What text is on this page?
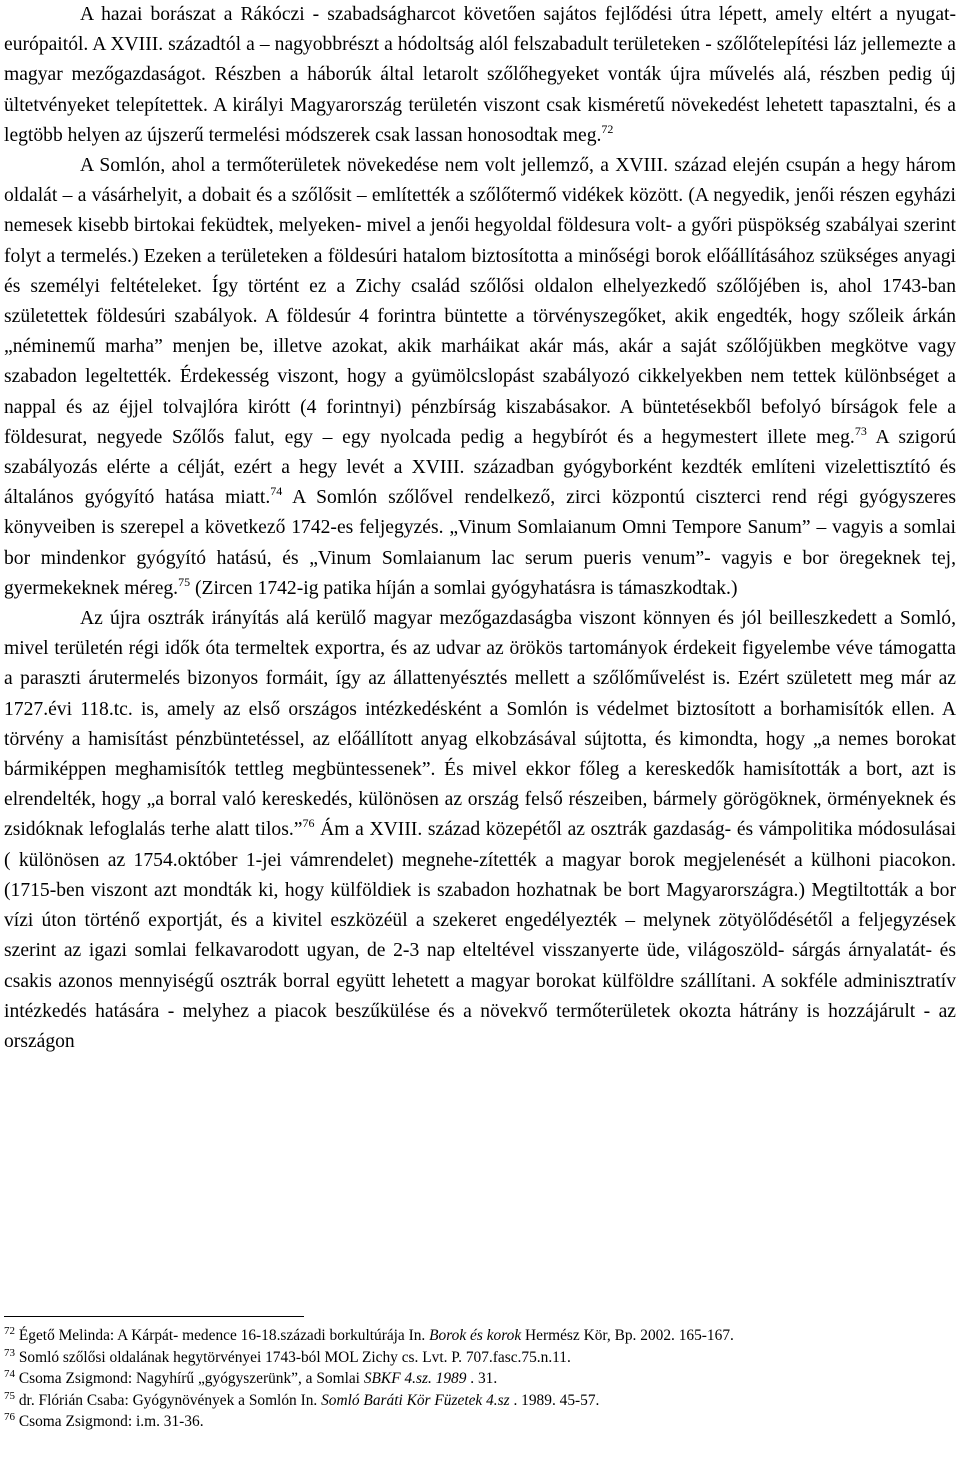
A hazai borászat a Rákóczi - szabadságharcot követően sajátos fejlődési útra lépett, amely eltért a nyugat-európaitól. A XVIII. századtól a – nagyobbrészt a hódoltság alól felszabadult területeken - szőlőtelepítési láz jellemezte a magyar mezőgazdaságot. Részben a háborúk által letarolt szőlőhegyeket vonták újra művelés alá, részben pedig új ültetvényeket telepítettek. A királyi Magyarország területén viszont csak kisméretű növekedést lehetett tapasztalni, és a legtöbb helyen az újszerű termelési módszerek csak lassan honosodtak meg.$^{72}$

A Somlón, ahol a termőterületek növekedése nem volt jellemző, a XVIII. század elején csupán a hegy három oldalát – a vásárhelyit, a dobait és a szőlősit – említették a szőlőtermő vidékek között. (A negyedik, jenői részen egyházi nemesek kisebb birtokai feküdtek, melyeken- mivel a jenői hegyoldal földesura volt- a győri püspökség szabályai szerint folyt a termelés.) Ezeken a területeken a földesúri hatalom biztosította a minőségi borok előállításához szükséges anyagi és személyi feltételeket. Így történt ez a Zichy család szőlősi oldalon elhelyezkedő szőlőjében is, ahol 1743-ban születettek földesúri szabályok. A földesúr 4 forintra büntette a törvényszegőket, akik engedték, hogy szőleik árkán „néminemű marha” menjen be, illetve azokat, akik marháikat akár más, akár a saját szőlőjükben megkötve vagy szabadon legeltették. Érdekesség viszont, hogy a gyümölcslopást szabályozó cikkelyekben nem tettek különbséget a nappal és az éjjel tolvajlóra kirótt (4 forintnyi) pénzbírság kiszabásakor. A büntetésekből befolyó bírságok fele a földesurat, negyede Szőlős falut, egy – egy nyolcada pedig a hegybírót és a hegymestert illete meg.$^{73}$ A szigorú szabályozás elérte a célját, ezért a hegy levét a XVIII. században gyógyborként kezdték említeni vizelettisztító és általános gyógyító hatása miatt.$^{74}$ A Somlón szőlővel rendelkező, zirci központú ciszterci rend régi gyógyszeres könyveiben is szerepel a következő 1742-es feljegyzés. „Vinum Somlaianum Omni Tempore Sanum” – vagyis a somlai bor mindenkor gyógyító hatású, és „Vinum Somlaianum lac serum pueris venum”- vagyis e bor öregeknek tej, gyermekeknek méreg.$^{75}$ (Zircen 1742-ig patika híján a somlai gyógyhatásra is támaszkodtak.)

Az újra osztrák irányítás alá kerülő magyar mezőgazdaságba viszont könnyen és jól beilleszkedett a Somló, mivel területén régi idők óta termeltek exportra, és az udvar az örökös tartományok érdekeit figyelembe véve támogatta a paraszti árutermelés bizonyos formáit, így az állattenyésztés mellett a szőlőművelést is. Ezért született meg már az 1727.évi 118.tc. is, amely az első országos intézkedésként a Somlón is védelmet biztosított a borhamisítók ellen. A törvény a hamisítást pénzbüntetéssel, az előállított anyag elkobzásával sújtotta, és kimondta, hogy „a nemes borokat bármiképpen meghamisítók tettleg megbüntessenek”. És mivel ekkor főleg a kereskedők hamisították a bort, azt is elrendelték, hogy „a borral való kereskedés, különösen az ország felső részeiben, bármely görögöknek, örményeknek és zsidóknak lefoglalás terhe alatt tilos.”$^{76}$ Ám a XVIII. század közepétől az osztrák gazdaság- és vámpolitika módosulásai ( különösen az 1754.október 1-jei vámrendelet) megnehe-zítették a magyar borok megjelenését a külhoni piacokon. (1715-ben viszont azt mondták ki, hogy külföldiek is szabadon hozhatnak be bort Magyarországra.) Megtiltották a bor vízi úton történő exportját, és a kivitel eszközéül a szekeret engedélyezték – melynek zötyölődésétől a feljegyzések szerint az igazi somlai felkavarodott ugyan, de 2-3 nap elteltével visszanyerte üde, világoszöld- sárgás árnyalatát- és csakis azonos mennyiségű osztrák borral együtt lehetett a magyar borokat külföldre szállítani. A sokféle adminisztratív intézkedés hatására - melyhez a piacok beszűkülése és a növekvő termőterületek okozta hátrány is hozzájárult - az országon

$^{72}$ Égető Melinda: A Kárpát- medence 16-18.századi borkultúrája In. Borok és korok Hermész Kör, Bp. 2002. 165-167.

$^{73}$ Somló szőlősi oldalának hegytörvényei 1743-ból MOL Zichy cs. Lvt. P. 707.fasc.75.n.11.

$^{74}$ Csoma Zsigmond: Nagyhírű „gyógyszerünk”, a Somlai SBKF 4.sz. 1989 . 31.

$^{75}$ dr. Flórián Csaba: Gyógynövények a Somlón In. Somló Baráti Kör Füzetek 4.sz . 1989. 45-57.

$^{76}$ Csoma Zsigmond: i.m. 31-36.
